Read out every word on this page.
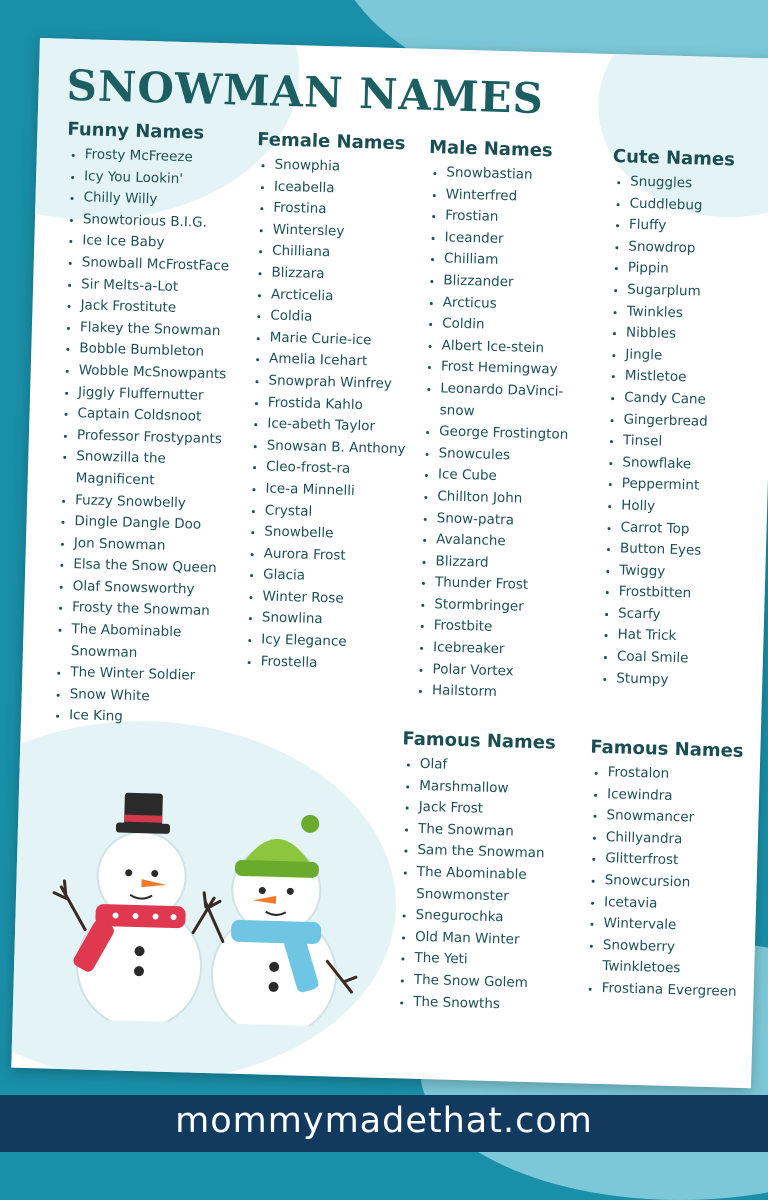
SNOWMAN NAMES
Funny Names
• Frosty McFreeze
• Icy You Lookin'
• Chilly Willy
• Snowtorious B.I.G.
• Ice Ice Baby
• Snowball McFrostFace
• Sir Melts-a-Lot
• Jack Frostitute
• Flakey the Snowman
• Bobble Bumbleton
• Wobble McSnowpants
• Jiggly Fluffernutter
• Captain Coldsnoot
• Professor Frostypants
• Snowzilla the Magnificent
• Fuzzy Snowbelly
• Dingle Dangle Doo
• Jon Snowman
• Elsa the Snow Queen
• Olaf Snowsworthy
• Frosty the Snowman
• The Abominable Snowman
• The Winter Soldier
• Snow White
• Ice King
Female Names
• Snowphia
• Iceabella
• Frostina
• Wintersley
• Chilliana
• Blizzara
• Arcticelia
• Coldia
• Marie Curie-ice
• Amelia Icehart
• Snowprah Winfrey
• Frostida Kahlo
• Ice-abeth Taylor
• Snowsan B. Anthony
• Cleo-frost-ra
• Ice-a Minnelli
• Crystal
• Snowbelle
• Aurora Frost
• Glacia
• Winter Rose
• Snowlina
• Icy Elegance
• Frostella
Male Names
• Snowbastian
• Winterfred
• Frostian
• Iceander
• Chilliam
• Blizzander
• Arcticus
• Coldin
• Albert Ice-stein
• Frost Hemingway
• Leonardo DaVinci-snow
• George Frostington
• Snowcules
• Ice Cube
• Chillton John
• Snow-patra
• Avalanche
• Blizzard
• Thunder Frost
• Stormbringer
• Frostbite
• Icebreaker
• Polar Vortex
• Hailstorm
Cute Names
• Snuggles
• Cuddlebug
• Fluffy
• Snowdrop
• Pippin
• Sugarplum
• Twinkles
• Nibbles
• Jingle
• Mistletoe
• Candy Cane
• Gingerbread
• Tinsel
• Snowflake
• Peppermint
• Holly
• Carrot Top
• Button Eyes
• Twiggy
• Frostbitten
• Scarfy
• Hat Trick
• Coal Smile
• Stumpy
Famous Names
• Olaf
• Marshmallow
• Jack Frost
• The Snowman
• Sam the Snowman
• The Abominable Snowmonster
• Snegurochka
• Old Man Winter
• The Yeti
• The Snow Golem
• The Snowths
Famous Names
• Frostalon
• Icewindra
• Snowmancer
• Chillyandra
• Glitterfrost
• Snowcursion
• Icetavia
• Wintervale
• Snowberry Twinkletoes
• Frostiana Evergreen
mommymadethat.com
